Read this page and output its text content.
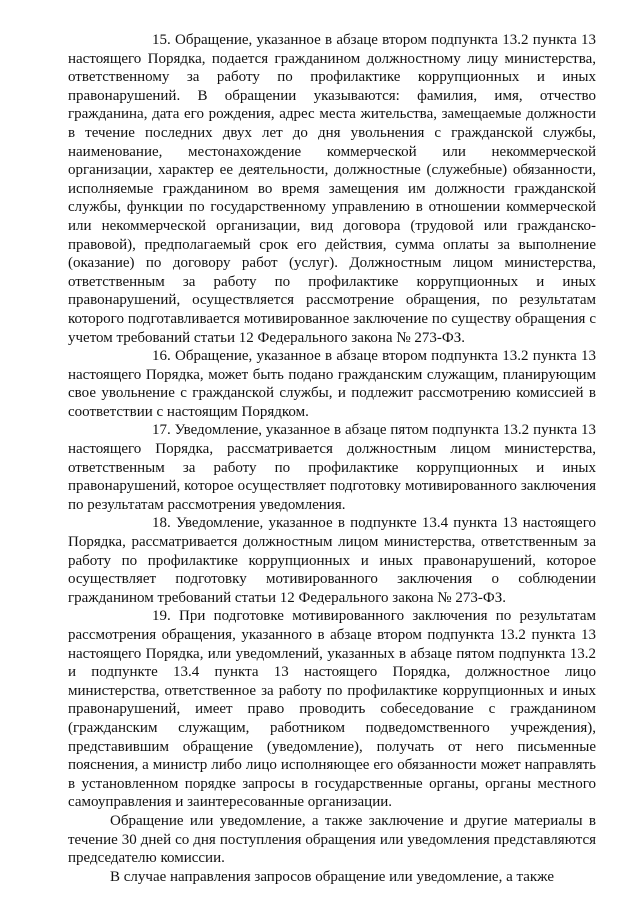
15. Обращение, указанное в абзаце втором подпункта 13.2 пункта 13 настоящего Порядка, подается гражданином должностному лицу министерства, ответственному за работу по профилактике коррупционных и иных правонарушений. В обращении указываются: фамилия, имя, отчество гражданина, дата его рождения, адрес места жительства, замещаемые должности в течение последних двух лет до дня увольнения с гражданской службы, наименование, местонахождение коммерческой или некоммерческой организации, характер ее деятельности, должностные (служебные) обязанности, исполняемые гражданином во время замещения им должности гражданской службы, функции по государственному управлению в отношении коммерческой или некоммерческой организации, вид договора (трудовой или гражданско-правовой), предполагаемый срок его действия, сумма оплаты за выполнение (оказание) по договору работ (услуг). Должностным лицом министерства, ответственным за работу по профилактике коррупционных и иных правонарушений, осуществляется рассмотрение обращения, по результатам которого подготавливается мотивированное заключение по существу обращения с учетом требований статьи 12 Федерального закона № 273-ФЗ.

16. Обращение, указанное в абзаце втором подпункта 13.2 пункта 13 настоящего Порядка, может быть подано гражданским служащим, планирующим свое увольнение с гражданской службы, и подлежит рассмотрению комиссией в соответствии с настоящим Порядком.

17. Уведомление, указанное в абзаце пятом подпункта 13.2 пункта 13 настоящего Порядка, рассматривается должностным лицом министерства, ответственным за работу по профилактике коррупционных и иных правонарушений, которое осуществляет подготовку мотивированного заключения по результатам рассмотрения уведомления.

18. Уведомление, указанное в подпункте 13.4 пункта 13 настоящего Порядка, рассматривается должностным лицом министерства, ответственным за работу по профилактике коррупционных и иных правонарушений, которое осуществляет подготовку мотивированного заключения о соблюдении гражданином требований статьи 12 Федерального закона № 273-ФЗ.

19. При подготовке мотивированного заключения по результатам рассмотрения обращения, указанного в абзаце втором подпункта 13.2 пункта 13 настоящего Порядка, или уведомлений, указанных в абзаце пятом подпункта 13.2 и подпункте 13.4 пункта 13 настоящего Порядка, должностное лицо министерства, ответственное за работу по профилактике коррупционных и иных правонарушений, имеет право проводить собеседование с гражданином (гражданским служащим, работником подведомственного учреждения), представившим обращение (уведомление), получать от него письменные пояснения, а министр либо лицо исполняющее его обязанности может направлять в установленном порядке запросы в государственные органы, органы местного самоуправления и заинтересованные организации.

Обращение или уведомление, а также заключение и другие материалы в течение 30 дней со дня поступления обращения или уведомления представляются председателю комиссии.

В случае направления запросов обращение или уведомление, а также
